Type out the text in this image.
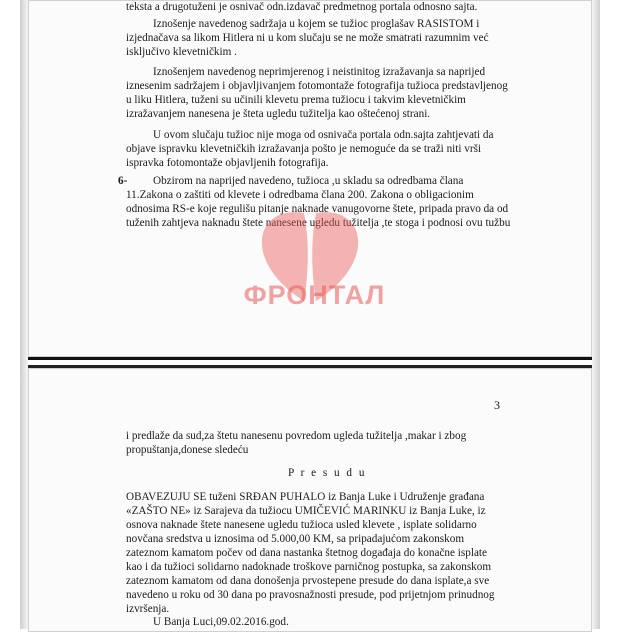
teksta a drugotuženi je osnivač odn.izdavač predmetnog portala odnosno sajta.
Iznošenje navedenog sadržaja u kojem se tužioc proglašav RASISTOM i
izjednačava sa likom Hitlera ni u kom slučaju se ne može smatrati razumnim već
isključivo klevetničkim .
Iznošenjem navedenog neprimjerenog i neistinitog izražavanja sa naprijed
iznesenim sadržajem i objavljivanjem fotomontaže fotografija tužioca predstavljenog
u liku Hitlera, tuženi su učinili klevetu prema tužiocu i takvim klevetničkim
izražavanjem nanesena je šteta ugledu tužitelja kao oštećenoj strani.
U ovom slučaju tužioc nije moga od osnivača portala odn.sajta zahtjevati da
objave ispravku klevetničkih izražavanja pošto je nemoguće da se traži niti vrši
ispravka fotomontaže objavljenih fotografija.
6- Obzirom na naprijed navedeno, tužioca ,u skladu sa odredbama člana
11.Zakona o zaštiti od klevete i odredbama člana 200. Zakona o obligacionim
odnosima RS-e koje regulišu pitanje naknade vanugovorne štete, pripada pravo da od
tuženih zahtjeva naknadu štete nanesene ugledu tužitelja ,te stoga i podnosi ovu tužbu
ФРОНТАЛ
3
i predlaže da sud,za štetu nanesenu povredom ugleda tužitelja ,makar i zbog
propuštanja,donese sledeću
P r e s u d u
OBAVEZUJU SE tuženi SRĐAN PUHALO iz Banja Luke i Udruženje građana
«ZAŠTO NE» iz Sarajeva da tužiocu UMIČEVIĆ MARINKU iz Banja Luke, iz
osnova naknade štete nanesene ugledu tužioca usled klevete , isplate solidarno
novčana sredstva u iznosima od 5.000,00 KM, sa pripadajućom zakonskom
zateznom kamatom počev od dana nastanka štetnog događaja do konačne isplate
kao i da tužioci solidarno nadoknade troškove parničnog postupka, sa zakonskom
zateznom kamatom od dana donošenja prvostepene presude do dana isplate,a sve
navedeno u roku od 30 dana po pravosnažnosti presude, pod prijetnjom prinudnog
izvršenja.
U Banja Luci,09.02.2016.god.
